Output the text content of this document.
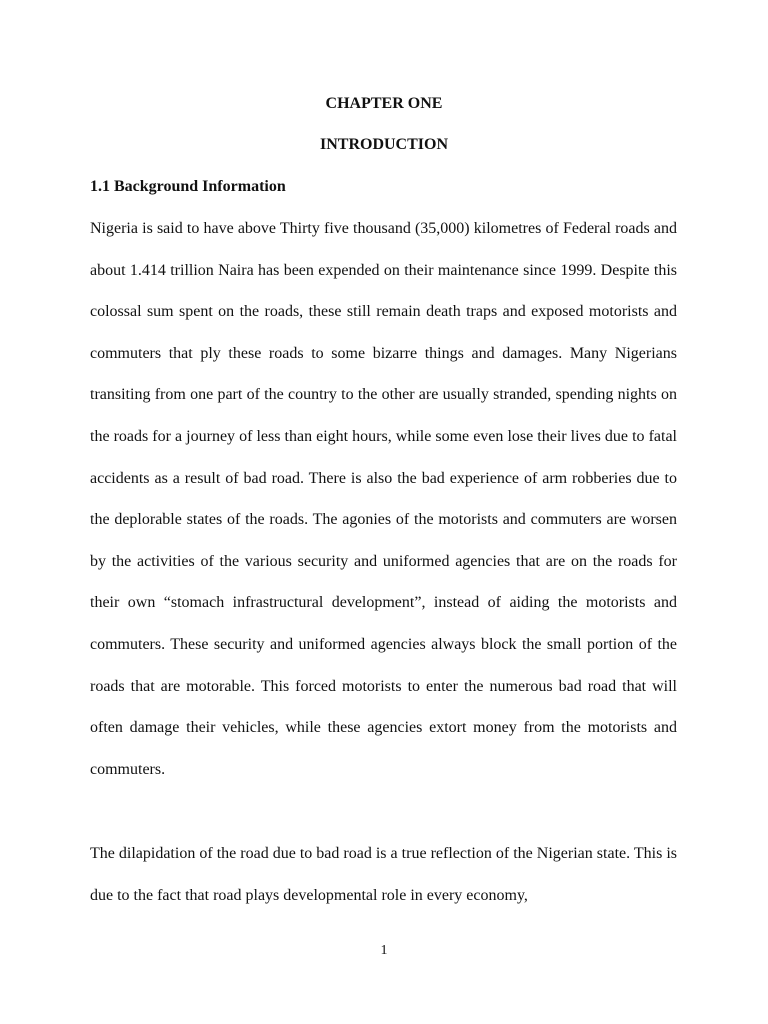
CHAPTER ONE
INTRODUCTION
1.1 Background Information

Nigeria is said to have above Thirty five thousand (35,000) kilometres of Federal roads and about 1.414 trillion Naira has been expended on their maintenance since 1999. Despite this colossal sum spent on the roads, these still remain death traps and exposed motorists and commuters that ply these roads to some bizarre things and damages. Many Nigerians transiting from one part of the country to the other are usually stranded, spending nights on the roads for a journey of less than eight hours, while some even lose their lives due to fatal accidents as a result of bad road. There is also the bad experience of arm robberies due to the deplorable states of the roads. The agonies of the motorists and commuters are worsen by the activities of the various security and uniformed agencies that are on the roads for their own “stomach infrastructural development”, instead of aiding the motorists and commuters. These security and uniformed agencies always block the small portion of the roads that are motorable. This forced motorists to enter the numerous bad road that will often damage their vehicles, while these agencies extort money from the motorists and commuters.

The dilapidation of the road due to bad road is a true reflection of the Nigerian state. This is due to the fact that road plays developmental role in every economy,

1
